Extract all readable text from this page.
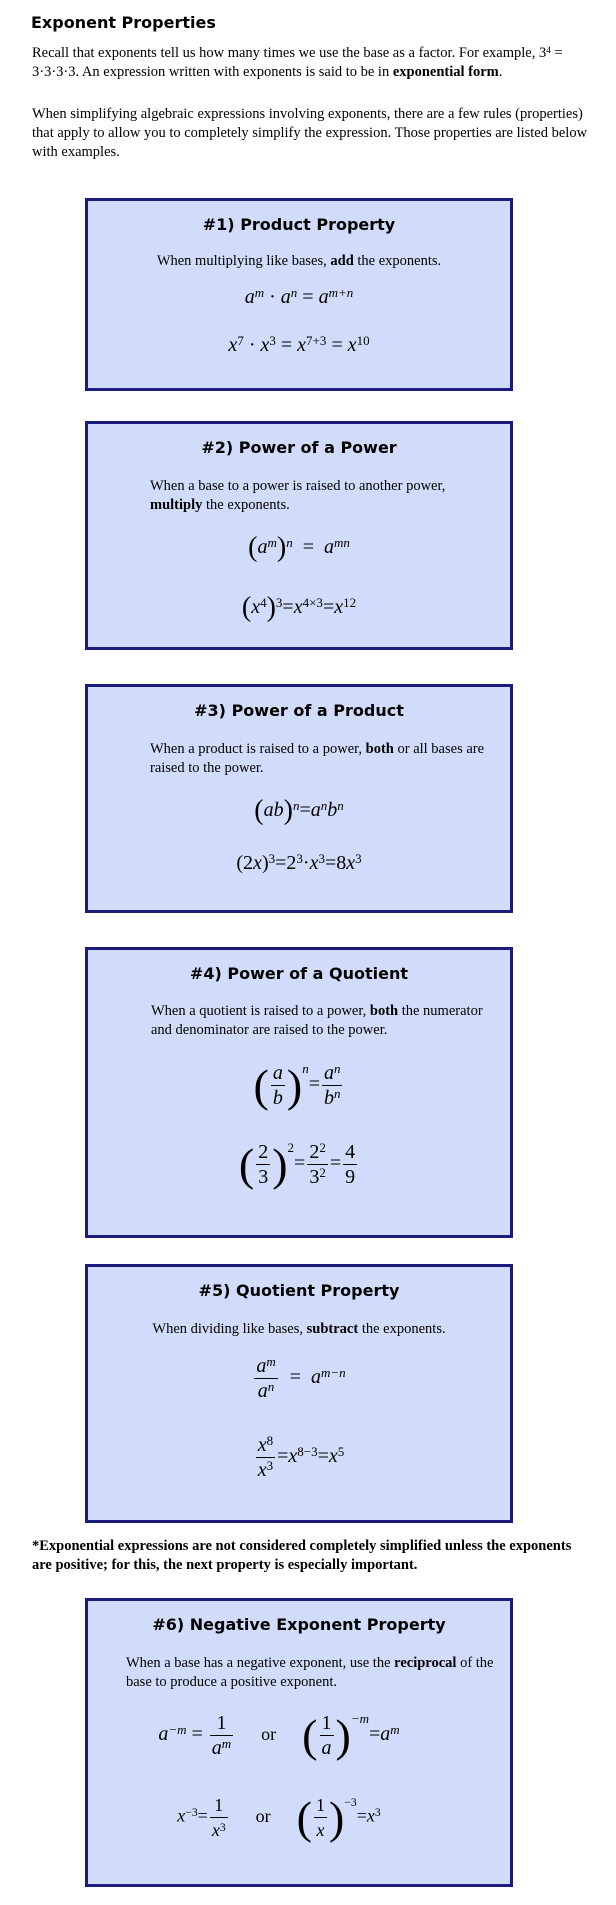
Exponent Properties
Recall that exponents tell us how many times we use the base as a factor. For example, $3^4 = 3\cdot 3\cdot 3\cdot 3$. An expression written with exponents is said to be in exponential form.
When simplifying algebraic expressions involving exponents, there are a few rules (properties) that apply to allow you to completely simplify the expression. Those properties are listed below with examples.
#1) Product Property
When multiplying like bases, add the exponents.
$a^m \cdot a^n = a^{m+n}$
$x^7 \cdot x^3 = x^{7+3} = x^{10}$
#2) Power of a Power
When a base to a power is raised to another power, multiply the exponents.
$(a^m)^n = a^{mn}$
$(x^4)^3=x^{4\times 3}=x^{12}$
#3) Power of a Product
When a product is raised to a power, both or all bases are raised to the power.
$(ab)^n=a^nb^n$
$(2x)^3=2^3\cdot x^3=8x^3$
#4) Power of a Quotient
When a quotient is raised to a power, both the numerator and denominator are raised to the power.
( $\frac{a}{b} )^n= \frac{a^n}{b^n}$
( $\frac{2}{3} )^2= \frac{2^2}{3^2} = \frac{4}{9}$
#5) Quotient Property
When dividing like bases, subtract the exponents.
$\frac{a^m}{a^n} = a^{m-n}$
$\frac{x^8}{x^3} =x^{8-3}=x^5$
*Exponential expressions are not considered completely simplified unless the exponents are positive; for this, the next property is especially important.
#6) Negative Exponent Property
When a base has a negative exponent, use the reciprocal of the base to produce a positive exponent.
$a^{-m} = \frac{1}{a^m}$ or ( $\frac{1}{a} )^{-m}=a^m$
$x^{-3}= \frac{1}{x^3}$ or ( $\frac{1}{x} )^{-3}=x^3$
